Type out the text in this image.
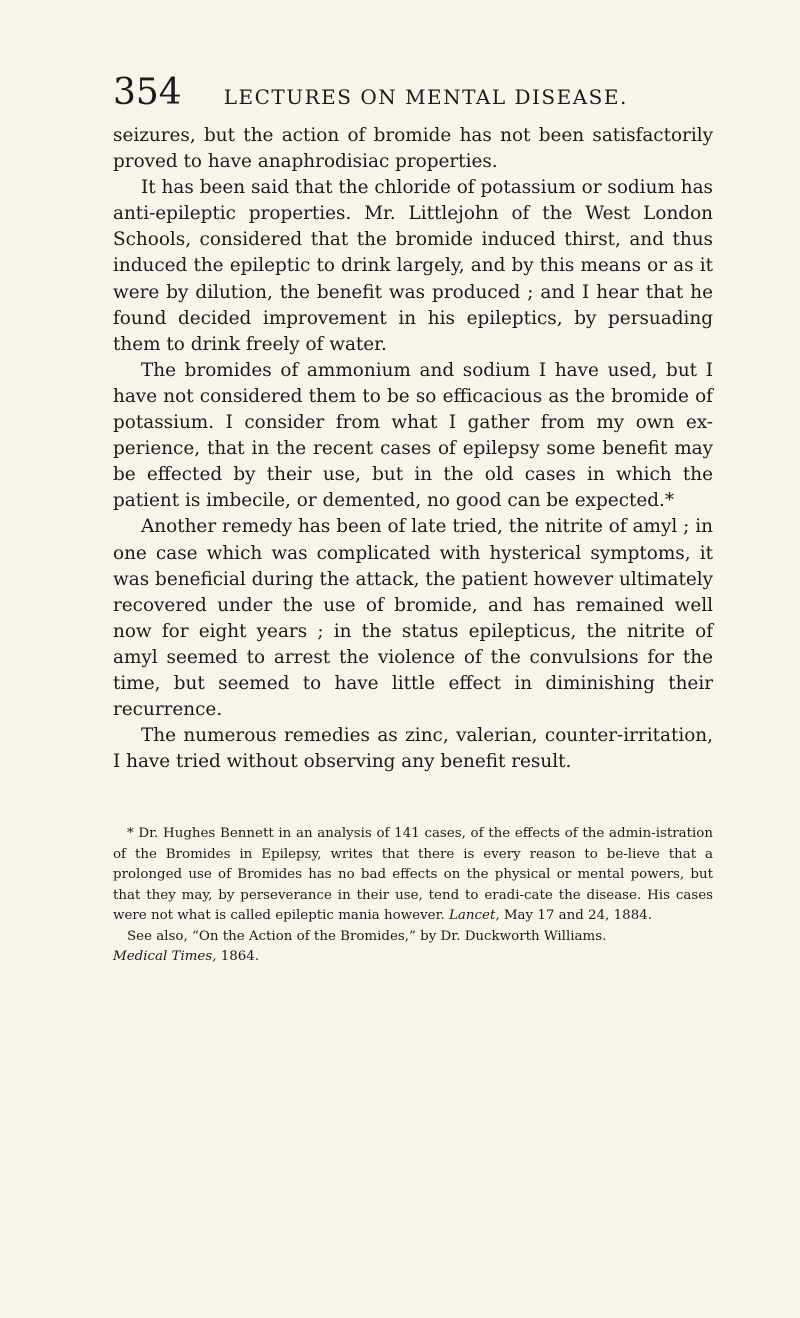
354 LECTURES ON MENTAL DISEASE.

seizures, but the action of bromide has not been satisfactorily proved to have anaphrodisiac properties.

It has been said that the chloride of potassium or sodium has anti-epileptic properties. Mr. Littlejohn of the West London Schools, considered that the bromide induced thirst, and thus induced the epileptic to drink largely, and by this means or as it were by dilution, the benefit was produced ; and I hear that he found decided improvement in his epileptics, by persuading them to drink freely of water.

The bromides of ammonium and sodium I have used, but I have not considered them to be so efficacious as the bromide of potassium. I consider from what I gather from my own ex-perience, that in the recent cases of epilepsy some benefit may be effected by their use, but in the old cases in which the patient is imbecile, or demented, no good can be expected.*

Another remedy has been of late tried, the nitrite of amyl ; in one case which was complicated with hysterical symptoms, it was beneficial during the attack, the patient however ultimately recovered under the use of bromide, and has remained well now for eight years ; in the status epilepticus, the nitrite of amyl seemed to arrest the violence of the convulsions for the time, but seemed to have little effect in diminishing their recurrence.

The numerous remedies as zinc, valerian, counter-irritation, I have tried without observing any benefit result.

* Dr. Hughes Bennett in an analysis of 141 cases, of the effects of the admin-istration of the Bromides in Epilepsy, writes that there is every reason to be-lieve that a prolonged use of Bromides has no bad effects on the physical or mental powers, but that they may, by perseverance in their use, tend to eradi-cate the disease. His cases were not what is called epileptic mania however. Lancet, May 17 and 24, 1884.

See also, “On the Action of the Bromides,” by Dr. Duckworth Williams.
Medical Times, 1864.
